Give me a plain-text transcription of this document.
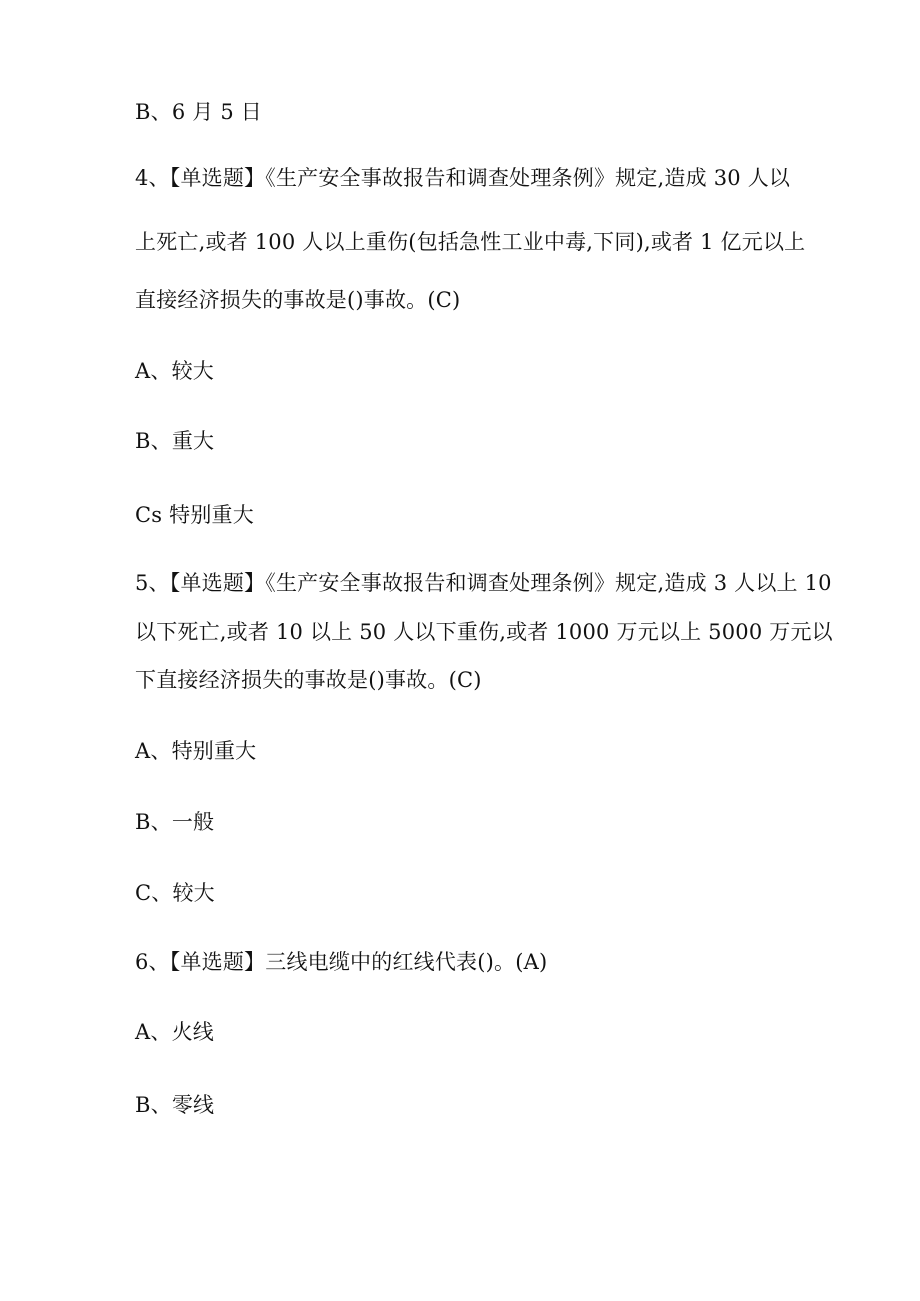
B、6 月 5 日
4、【单选题】《生产安全事故报告和调查处理条例》规定,造成 30 人以
上死亡,或者 100 人以上重伤(包括急性工业中毒,下同),或者 1 亿元以上
直接经济损失的事故是()事故。(C)
A、较大
B、重大
Cs 特别重大
5、【单选题】《生产安全事故报告和调查处理条例》规定,造成 3 人以上 10
以下死亡,或者 10 以上 50 人以下重伤,或者 1000 万元以上 5000 万元以
下直接经济损失的事故是()事故。(C)
A、特别重大
B、一般
C、较大
6、【单选题】三线电缆中的红线代表()。(A)
A、火线
B、零线
